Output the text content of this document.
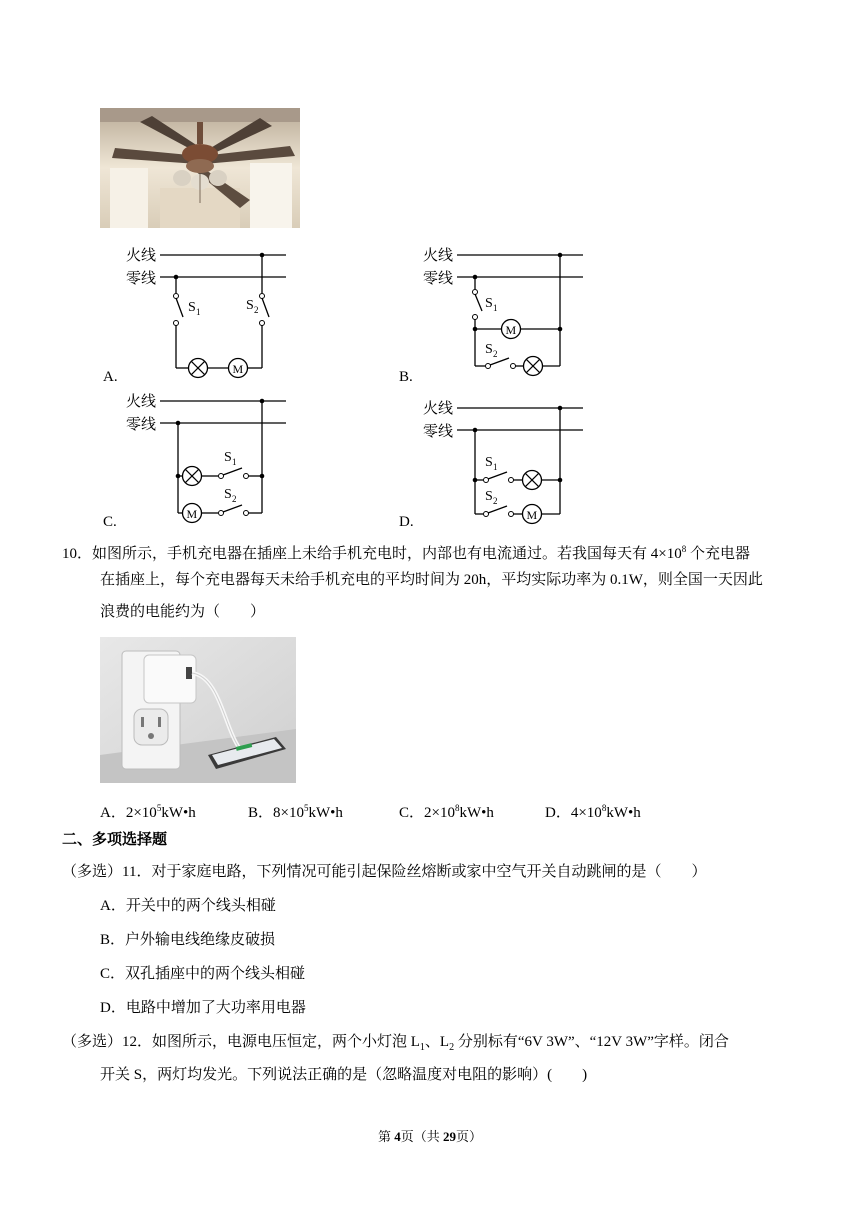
A.	B.
C.	D.
火线
零线
S 1	S 2
M
火线
零线
S 1
M
S 2
火线
零线
S 1
M
S 2
火线
零线
S 1
M
S 2
10．如图所示，手机充电器在插座上未给手机充电时，内部也有电流通过。若我国每天有 $4\times 10^8$ 个充电器
在插座上，每个充电器每天未给手机充电的平均时间为 20h，平均实际功率为 0.1W，则全国一天因此
浪费的电能约为（　　）
A．$2\times 10^5kW•h$	B．$8\times 10^5kW•h$	C．$2\times 10^8kW•h$	D．$4\times 10^8kW•h$
二、多项选择题
（多选）11．对于家庭电路，下列情况可能引起保险丝熔断或家中空气开关自动跳闸的是（　　）
A．开关中的两个线头相碰
B．户外输电线绝缘皮破损
C．双孔插座中的两个线头相碰
D．电路中增加了大功率用电器
（多选）12．如图所示，电源电压恒定，两个小灯泡 $L_1$、$L_2$ 分别标有“6V 3W”、“12V 3W”字样。闭合
开关 S，两灯均发光。下列说法正确的是（忽略温度对电阻的影响）(　　)
第 4页（共 29页）
